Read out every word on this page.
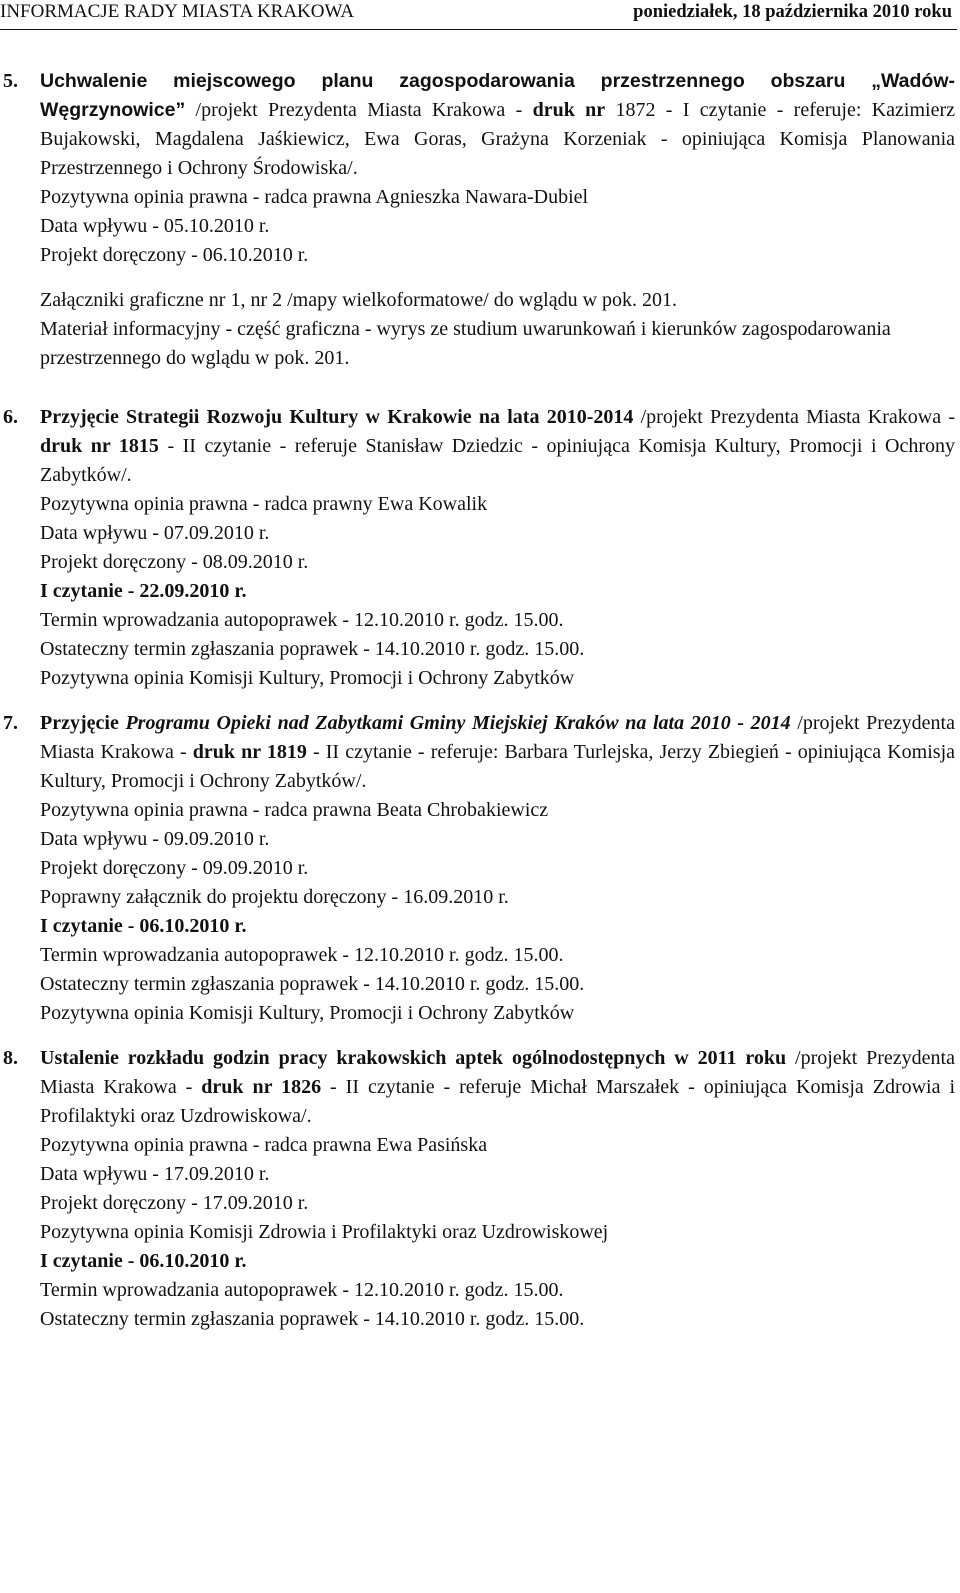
INFORMACJE RADY MIASTA KRAKOWA	poniedziałek, 18 października 2010 roku
5. Uchwalenie miejscowego planu zagospodarowania przestrzennego obszaru „Wadów-Węgrzynowice” /projekt Prezydenta Miasta Krakowa - druk nr 1872 - I czytanie - referuje: Kazimierz Bujakowski, Magdalena Jaśkiewicz, Ewa Goras, Grażyna Korzeniak - opiniująca Komisja Planowania Przestrzennego i Ochrony Środowiska/.

Pozytywna opinia prawna - radca prawna Agnieszka Nawara-Dubiel

Data wpływu - 05.10.2010 r.

Projekt doręczony - 06.10.2010 r.

Załączniki graficzne nr 1, nr 2 /mapy wielkoformatowe/ do wglądu w pok. 201.

Materiał informacyjny - część graficzna - wyrys ze studium uwarunkowań i kierunków zagospodarowania przestrzennego do wglądu w pok. 201.

6. Przyjęcie Strategii Rozwoju Kultury w Krakowie na lata 2010-2014 /projekt Prezydenta Miasta Krakowa - druk nr 1815 - II czytanie - referuje Stanisław Dziedzic - opiniująca Komisja Kultury, Promocji i Ochrony Zabytków/.

Pozytywna opinia prawna - radca prawny Ewa Kowalik

Data wpływu - 07.09.2010 r.

Projekt doręczony - 08.09.2010 r.

I czytanie - 22.09.2010 r.

Termin wprowadzania autopoprawek - 12.10.2010 r. godz. 15.00.

Ostateczny termin zgłaszania poprawek - 14.10.2010 r. godz. 15.00.

Pozytywna opinia Komisji Kultury, Promocji i Ochrony Zabytków

7. Przyjęcie Programu Opieki nad Zabytkami Gminy Miejskiej Kraków na lata 2010 - 2014 /projekt Prezydenta Miasta Krakowa - druk nr 1819 - II czytanie - referuje: Barbara Turlejska, Jerzy Zbiegień - opiniująca Komisja Kultury, Promocji i Ochrony Zabytków/.

Pozytywna opinia prawna - radca prawna Beata Chrobakiewicz

Data wpływu - 09.09.2010 r.

Projekt doręczony - 09.09.2010 r.

Poprawny załącznik do projektu doręczony - 16.09.2010 r.

I czytanie - 06.10.2010 r.

Termin wprowadzania autopoprawek - 12.10.2010 r. godz. 15.00.

Ostateczny termin zgłaszania poprawek - 14.10.2010 r. godz. 15.00.

Pozytywna opinia Komisji Kultury, Promocji i Ochrony Zabytków

8. Ustalenie rozkładu godzin pracy krakowskich aptek ogólnodostępnych w 2011 roku /projekt Prezydenta Miasta Krakowa - druk nr 1826 - II czytanie - referuje Michał Marszałek - opiniująca Komisja Zdrowia i Profilaktyki oraz Uzdrowiskowa/.

Pozytywna opinia prawna - radca prawna Ewa Pasińska

Data wpływu - 17.09.2010 r.

Projekt doręczony - 17.09.2010 r.

Pozytywna opinia Komisji Zdrowia i Profilaktyki oraz Uzdrowiskowej

I czytanie - 06.10.2010 r.

Termin wprowadzania autopoprawek - 12.10.2010 r. godz. 15.00.

Ostateczny termin zgłaszania poprawek - 14.10.2010 r. godz. 15.00.
